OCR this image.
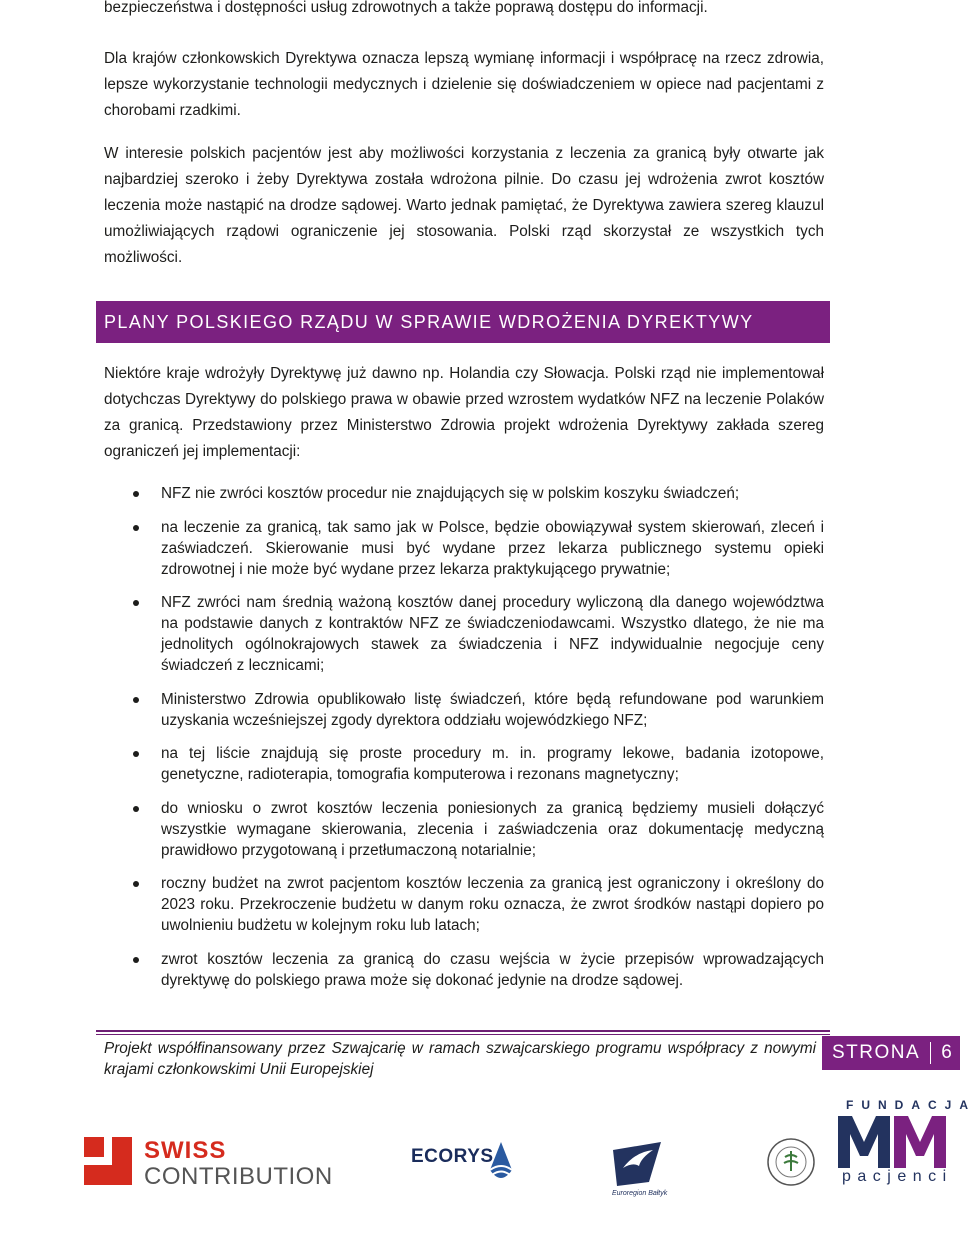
bezpieczeństwa i dostępności usług zdrowotnych a także poprawą dostępu do informacji.

Dla krajów członkowskich Dyrektywa oznacza lepszą wymianę informacji i współpracę na rzecz zdrowia, lepsze wykorzystanie technologii medycznych i dzielenie się doświadczeniem w opiece nad pacjentami z chorobami rzadkimi.

W interesie polskich pacjentów jest aby możliwości korzystania z leczenia za granicą były otwarte jak najbardziej szeroko i żeby Dyrektywa została wdrożona pilnie. Do czasu jej wdrożenia zwrot kosztów leczenia może nastąpić na drodze sądowej. Warto jednak pamiętać, że Dyrektywa zawiera szereg klauzul umożliwiających rządowi ograniczenie jej stosowania. Polski rząd skorzystał ze wszystkich tych możliwości.

Niektóre kraje wdrożyły Dyrektywę już dawno np. Holandia czy Słowacja. Polski rząd nie implementował dotychczas Dyrektywy do polskiego prawa w obawie przed wzrostem wydatków NFZ na leczenie Polaków za granicą. Przedstawiony przez Ministerstwo Zdrowia projekt wdrożenia Dyrektywy zakłada szereg ograniczeń jej implementacji:

PLANY POLSKIEGO RZĄDU W SPRAWIE WDROŻENIA DYREKTYWY
NFZ nie zwróci kosztów procedur nie znajdujących się w polskim koszyku świadczeń;
na leczenie za granicą, tak samo jak w Polsce, będzie obowiązywał system skierowań, zleceń i zaświadczeń. Skierowanie musi być wydane przez lekarza publicznego systemu opieki zdrowotnej i nie może być wydane przez lekarza praktykującego prywatnie;
NFZ zwróci nam średnią ważoną kosztów danej procedury wyliczoną dla danego województwa na podstawie danych z kontraktów NFZ ze świadczeniodawcami. Wszystko dlatego, że nie ma jednolitych ogólnokrajowych stawek za świadczenia i NFZ indywidualnie negocjuje ceny świadczeń z lecznicami;
Ministerstwo Zdrowia opublikowało listę świadczeń, które będą refundowane pod warunkiem uzyskania wcześniejszej zgody dyrektora oddziału wojewódzkiego NFZ;
na tej liście znajdują się proste procedury m. in. programy lekowe, badania izotopowe, genetyczne, radioterapia, tomografia komputerowa i rezonans magnetyczny;
do wniosku o zwrot kosztów leczenia poniesionych za granicą będziemy musieli dołączyć wszystkie wymagane skierowania, zlecenia i zaświadczenia oraz dokumentację medyczną prawidłowo przygotowaną i przetłumaczoną notarialnie;
roczny budżet na zwrot pacjentom kosztów leczenia za granicą jest ograniczony i określony do 2023 roku. Przekroczenie budżetu w danym roku oznacza, że zwrot środków nastąpi dopiero po uwolnieniu budżetu w kolejnym roku lub latach;
zwrot kosztów leczenia za granicą do czasu wejścia w życie przepisów wprowadzających dyrektywę do polskiego prawa może się dokonać jedynie na drodze sądowej.
Projekt współfinansowany przez Szwajcarię w ramach szwajcarskiego programu współpracy z nowymi krajami członkowskimi Unii Europejskiej
STRONA 6
SWISS
CONTRIBUTION
ECORYS
Euroregion Bałtyk
FUNDACJA
pacjenci
